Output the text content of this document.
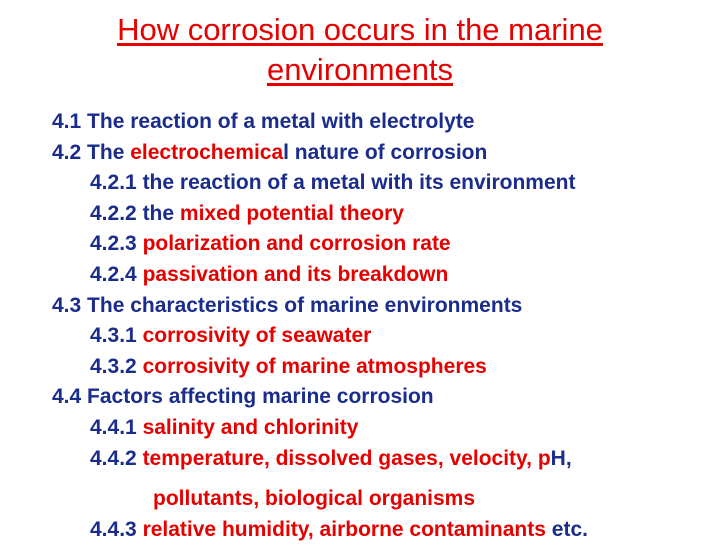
How corrosion occurs in the marine
environments
4.1 The reaction of a metal with electrolyte
4.2 The electrochemical nature of corrosion
4.2.1 the reaction of a metal with its environment
4.2.2 the mixed potential theory
4.2.3 polarization and corrosion rate
4.2.4 passivation and its breakdown
4.3 The characteristics of marine environments
4.3.1 corrosivity of seawater
4.3.2 corrosivity of marine atmospheres
4.4 Factors affecting marine corrosion
4.4.1 salinity and chlorinity
4.4.2 temperature, dissolved gases, velocity, pH,
pollutants, biological organisms
4.4.3 relative humidity, airborne contaminants etc.
